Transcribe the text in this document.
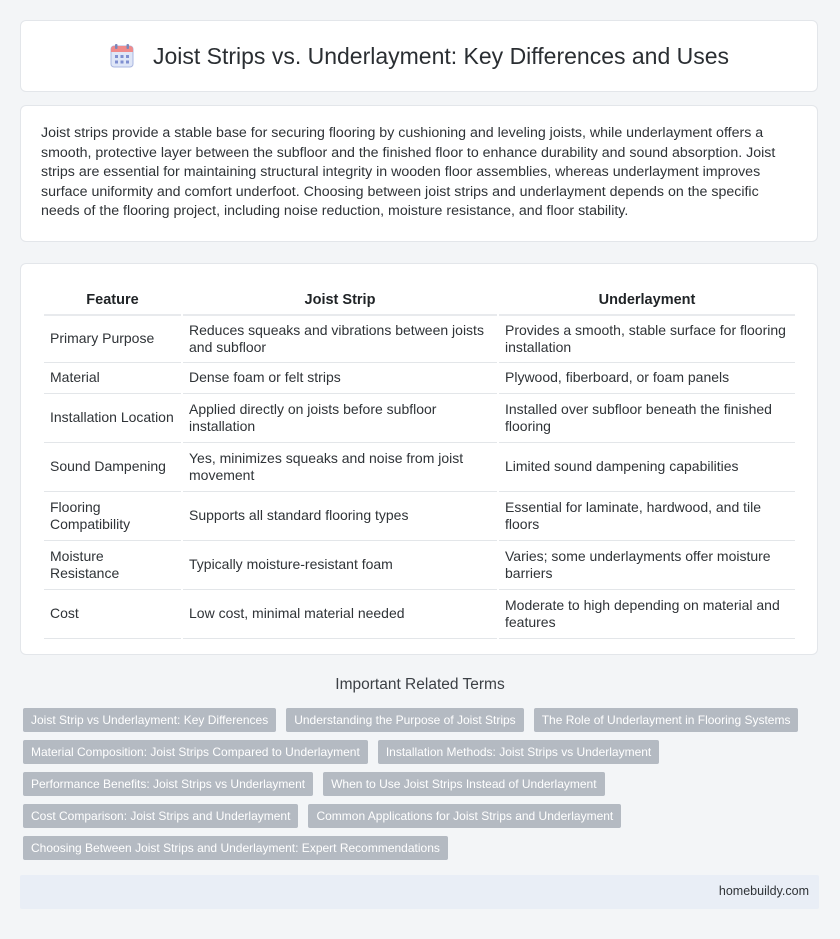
Joist Strips vs. Underlayment: Key Differences and Uses

Joist strips provide a stable base for securing flooring by cushioning and leveling joists, while underlayment offers a smooth, protective layer between the subfloor and the finished floor to enhance durability and sound absorption. Joist strips are essential for maintaining structural integrity in wooden floor assemblies, whereas underlayment improves surface uniformity and comfort underfoot. Choosing between joist strips and underlayment depends on the specific needs of the flooring project, including noise reduction, moisture resistance, and floor stability.

Feature	Joist Strip	Underlayment
Primary Purpose	Reduces squeaks and vibrations between joists and subfloor	Provides a smooth, stable surface for flooring installation
Material	Dense foam or felt strips	Plywood, fiberboard, or foam panels
Installation Location	Applied directly on joists before subfloor installation	Installed over subfloor beneath the finished flooring
Sound Dampening	Yes, minimizes squeaks and noise from joist movement	Limited sound dampening capabilities
Flooring Compatibility	Supports all standard flooring types	Essential for laminate, hardwood, and tile floors
Moisture Resistance	Typically moisture-resistant foam	Varies; some underlayments offer moisture barriers
Cost	Low cost, minimal material needed	Moderate to high depending on material and features
Important Related Terms
Joist Strip vs Underlayment: Key Differences	Understanding the Purpose of Joist Strips	The Role of Underlayment in Flooring Systems
Material Composition: Joist Strips Compared to Underlayment	Installation Methods: Joist Strips vs Underlayment
Performance Benefits: Joist Strips vs Underlayment	When to Use Joist Strips Instead of Underlayment
Cost Comparison: Joist Strips and Underlayment	Common Applications for Joist Strips and Underlayment
Choosing Between Joist Strips and Underlayment: Expert Recommendations
homebuildy.com
